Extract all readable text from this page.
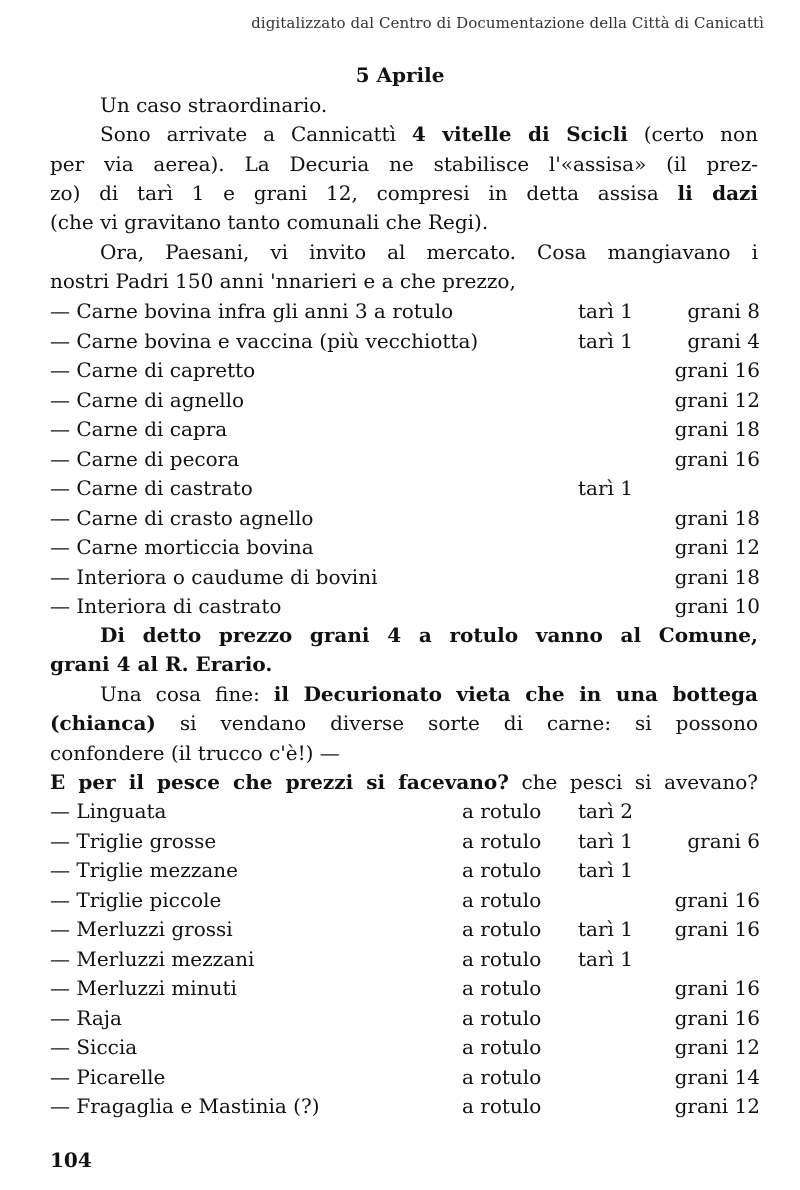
digitalizzato dal Centro di Documentazione della Città di Canicattì
5 Aprile
Un caso straordinario.
Sono arrivate a Cannicattì 4 vitelle di Scicli (certo non
per via aerea). La Decuria ne stabilisce l'«assisa» (il prez-
zo) di tarì 1 e grani 12, compresi in detta assisa li dazi
(che vi gravitano tanto comunali che Regi).
Ora, Paesani, vi invito al mercato. Cosa mangiavano i
nostri Padri 150 anni 'nnarieri e a che prezzo,
— Carne bovina infra gli anni 3 a rotulo	tarì 1	grani 8
— Carne bovina e vaccina (più vecchiotta)	tarì 1	grani 4
— Carne di capretto	grani 16
— Carne di agnello	grani 12
— Carne di capra	grani 18
— Carne di pecora	grani 16
— Carne di castrato	tarì 1
— Carne di crasto agnello	grani 18
— Carne morticcia bovina	grani 12
— Interiora o caudume di bovini	grani 18
— Interiora di castrato	grani 10
Di detto prezzo grani 4 a rotulo vanno al Comune,
grani 4 al R. Erario.
Una cosa fine: il Decurionato vieta che in una bottega
(chianca) si vendano diverse sorte di carne: si possono
confondere (il trucco c'è!) —
E per il pesce che prezzi si facevano? che pesci si avevano?
— Linguata	a rotulo tarì 2
— Triglie grosse	a rotulo tarì 1	grani 6
— Triglie mezzane	a rotulo tarì 1
— Triglie piccole	a rotulo	grani 16
— Merluzzi grossi	a rotulo tarì 1 grani 16
— Merluzzi mezzani	a rotulo tarì 1
— Merluzzi minuti	a rotulo	grani 16
— Raja	a rotulo	grani 16
— Siccia	a rotulo	grani 12
— Picarelle	a rotulo	grani 14
— Fragaglia e Mastinia (?)	a rotulo	grani 12
104
